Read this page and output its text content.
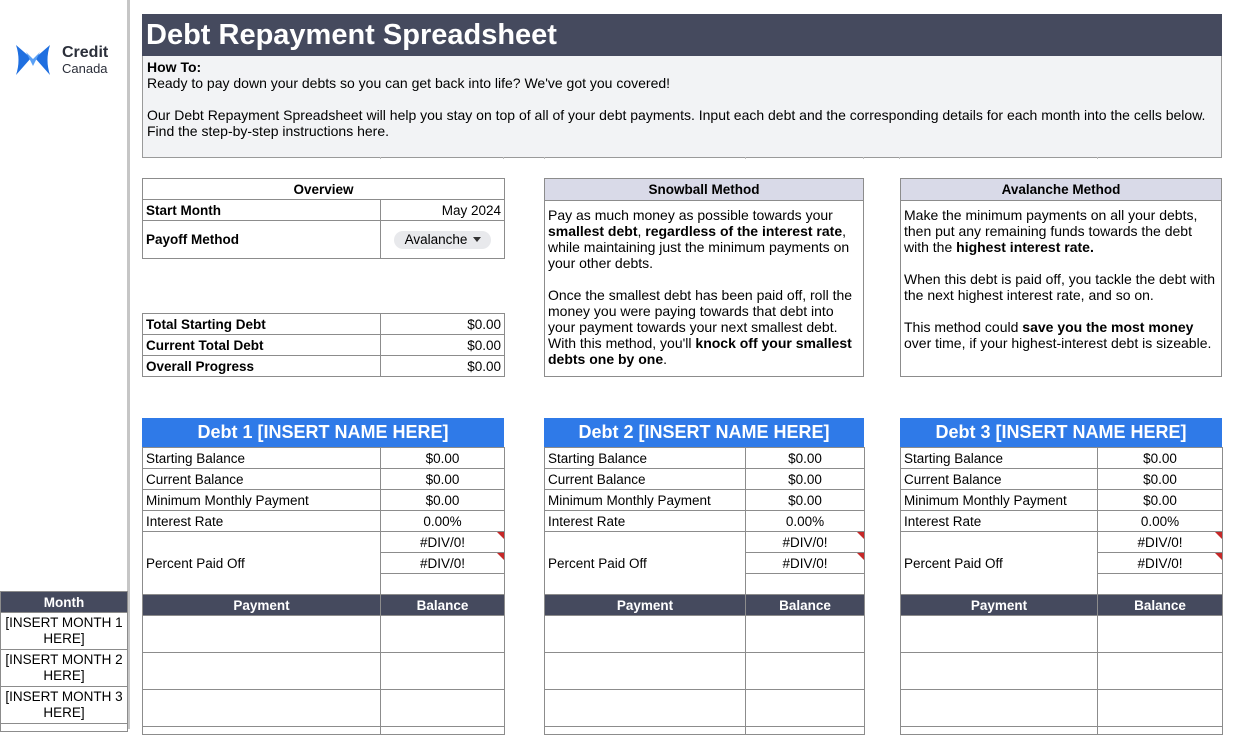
Credit
Canada
Debt Repayment Spreadsheet

How To:

Ready to pay down your debts so you can get back into life? We've got you covered!

Our Debt Repayment Spreadsheet will help you stay on top of all of your debt payments. Input each debt and the corresponding details for each month into the cells below. Find the step-by-step instructions here.

Overview	
Start Month	May 2024
Payoff Method	Avalanche
Total Starting Debt	$0.00
Current Total Debt	$0.00
Overall Progress	$0.00
Snowball Method

Pay as much money as possible towards your smallest debt, regardless of the interest rate, while maintaining just the minimum payments on your other debts.

Once the smallest debt has been paid off, roll the money you were paying towards that debt into your payment towards your next smallest debt. With this method, you'll knock off your smallest debts one by one.

Avalanche Method

Make the minimum payments on all your debts, then put any remaining funds towards the debt with the highest interest rate.

When this debt is paid off, you tackle the debt with the next highest interest rate, and so on.

This method could save you the most money over time, if your highest-interest debt is sizeable.

Debt 1 [INSERT NAME HERE]
Starting Balance	$0.00
Current Balance	$0.00
Minimum Monthly Payment	$0.00
Interest Rate	0.00%
Percent Paid Off	#DIV/0!

	#DIV/0!

Payment	Balance

Debt 2 [INSERT NAME HERE]
Starting Balance	$0.00
Current Balance	$0.00
Minimum Monthly Payment	$0.00
Interest Rate	0.00%
Percent Paid Off	#DIV/0!

	#DIV/0!

Payment	Balance

Debt 3 [INSERT NAME HERE]
Starting Balance	$0.00
Current Balance	$0.00
Minimum Monthly Payment	$0.00
Interest Rate	0.00%
Percent Paid Off	#DIV/0!

	#DIV/0!

Payment	Balance

Month
[INSERT MONTH 1 HERE]
[INSERT MONTH 2 HERE]
[INSERT MONTH 3 HERE]
